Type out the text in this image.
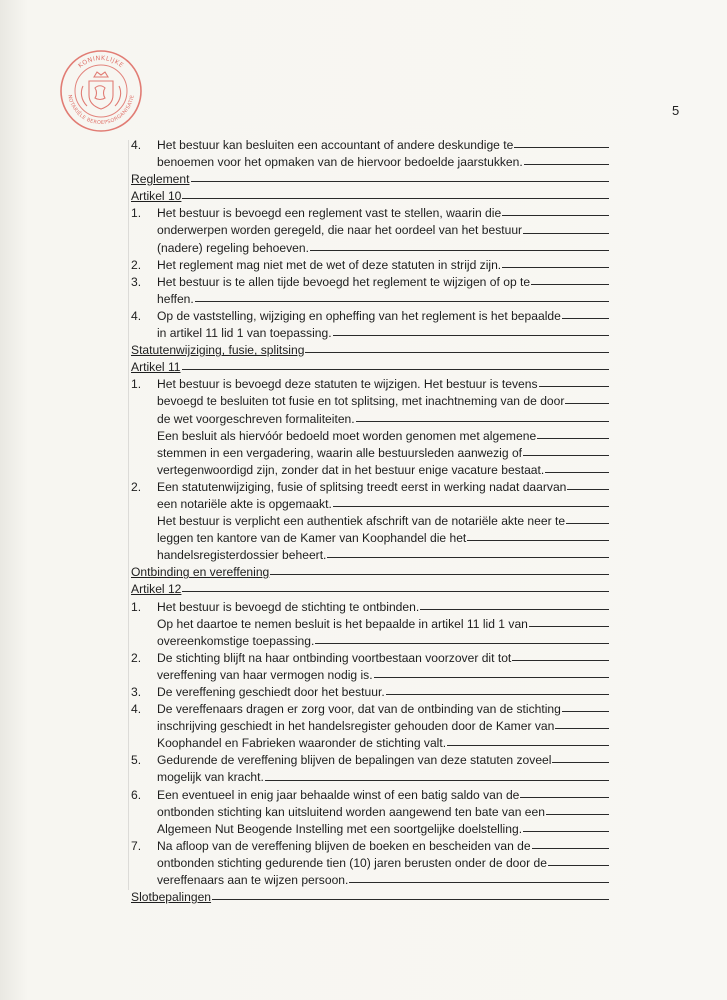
KONINKLIJKE
NOTARIËLE BEROEPSORGANISATIE
5
4.	Het bestuur kan besluiten een accountant of andere deskundige te
benoemen voor het opmaken van de hiervoor bedoelde jaarstukken.
Reglement
Artikel 10
1.	Het bestuur is bevoegd een reglement vast te stellen, waarin die
onderwerpen worden geregeld, die naar het oordeel van het bestuur
(nadere) regeling behoeven.
2.	Het reglement mag niet met de wet of deze statuten in strijd zijn.
3.	Het bestuur is te allen tijde bevoegd het reglement te wijzigen of op te
heffen.
4.	Op de vaststelling, wijziging en opheffing van het reglement is het bepaalde
in artikel 11 lid 1 van toepassing.
Statutenwijziging, fusie, splitsing
Artikel 11
1.	Het bestuur is bevoegd deze statuten te wijzigen. Het bestuur is tevens
bevoegd te besluiten tot fusie en tot splitsing, met inachtneming van de door
de wet voorgeschreven formaliteiten.
Een besluit als hiervóór bedoeld moet worden genomen met algemene
stemmen in een vergadering, waarin alle bestuursleden aanwezig of
vertegenwoordigd zijn, zonder dat in het bestuur enige vacature bestaat.
2.	Een statutenwijziging, fusie of splitsing treedt eerst in werking nadat daarvan
een notariële akte is opgemaakt.
Het bestuur is verplicht een authentiek afschrift van de notariële akte neer te
leggen ten kantore van de Kamer van Koophandel die het
handelsregisterdossier beheert.
Ontbinding en vereffening
Artikel 12
1.	Het bestuur is bevoegd de stichting te ontbinden.
Op het daartoe te nemen besluit is het bepaalde in artikel 11 lid 1 van
overeenkomstige toepassing.
2.	De stichting blijft na haar ontbinding voortbestaan voorzover dit tot
vereffening van haar vermogen nodig is.
3.	De vereffening geschiedt door het bestuur.
4.	De vereffenaars dragen er zorg voor, dat van de ontbinding van de stichting
inschrijving geschiedt in het handelsregister gehouden door de Kamer van
Koophandel en Fabrieken waaronder de stichting valt.
5.	Gedurende de vereffening blijven de bepalingen van deze statuten zoveel
mogelijk van kracht.
6.	Een eventueel in enig jaar behaalde winst of een batig saldo van de
ontbonden stichting kan uitsluitend worden aangewend ten bate van een
Algemeen Nut Beogende Instelling met een soortgelijke doelstelling.
7.	Na afloop van de vereffening blijven de boeken en bescheiden van de
ontbonden stichting gedurende tien (10) jaren berusten onder de door de
vereffenaars aan te wijzen persoon.
Slotbepalingen
